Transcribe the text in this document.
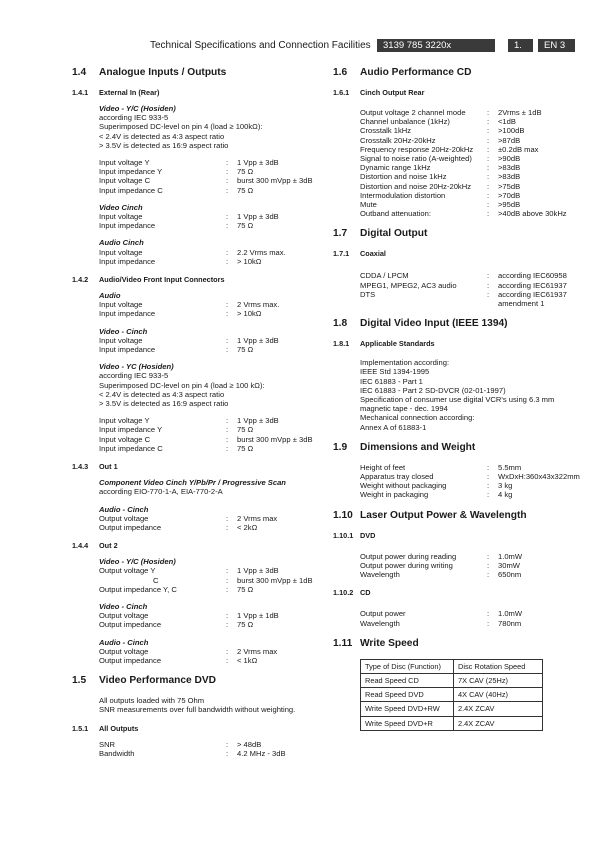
Technical Specifications and Connection Facilities	3139 785 3220x	1.	EN 3
1.4	Analogue Inputs / Outputs
1.4.1	External In (Rear)
Video - Y/C (Hosiden)
according IEC 933-5
Superimposed DC-level on pin 4 (load ≥ 100kΩ):
< 2.4V is detected as 4:3 aspect ratio
> 3.5V is detected as 16:9 aspect ratio
Input voltage Y	:	1 Vpp ± 3dB
Input impedance Y	:	75 Ω
Input voltage C	:	burst 300 mVpp ± 3dB
Input impedance C	:	75 Ω
Video Cinch
Input voltage	:	1 Vpp ± 3dB
Input impedance	:	75 Ω
Audio Cinch
Input voltage	:	2.2 Vrms max.
Input impedance	:	> 10kΩ
1.4.2	Audio/Video Front Input Connectors
Audio
Input voltage	:	2 Vrms max.
Input impedance	:	> 10kΩ
Video - Cinch
Input voltage	:	1 Vpp ± 3dB
Input impedance	:	75 Ω
Video - YC (Hosiden)
according IEC 933-5
Superimposed DC-level on pin 4 (load ≥ 100 kΩ):
< 2.4V is detected as 4:3 aspect ratio
> 3.5V is detected as 16:9 aspect ratio
Input voltage Y	:	1 Vpp ± 3dB
Input impedance Y	:	75 Ω
Input voltage C	:	burst 300 mVpp ± 3dB
Input impedance C	:	75 Ω
1.4.3	Out 1
Component Video Cinch Y/Pb/Pr / Progressive Scan
according EIO-770-1-A, EIA-770-2-A
Audio - Cinch
Output voltage	:	2 Vrms max
Output impedance	:	< 2kΩ
1.4.4	Out 2
Video - Y/C (Hosiden)
Output voltage Y	:	1 Vpp ± 3dB
C	:	burst 300 mVpp ± 1dB
Output impedance Y, C	:	75 Ω
Video - Cinch
Output voltage	:	1 Vpp ± 1dB
Output impedance	:	75 Ω
Audio - Cinch
Output voltage	:	2 Vrms max
Output impedance	:	< 1kΩ
1.5	Video Performance DVD
All outputs loaded with 75 Ohm
SNR measurements over full bandwidth without weighting.
1.5.1	All Outputs
SNR	:	> 48dB
Bandwidth	:	4.2 MHz - 3dB
1.6	Audio Performance CD
1.6.1	Cinch Output Rear
Output voltage 2 channel mode	:	2Vrms ± 1dB
Channel unbalance (1kHz)	:	<1dB
Crosstalk 1kHz	:	>100dB
Crosstalk 20Hz-20kHz	:	>87dB
Frequency response 20Hz-20kHz	:	±0.2dB max
Signal to noise ratio (A-weighted)	:	>90dB
Dynamic range 1kHz	:	>83dB
Distortion and noise 1kHz	:	>83dB
Distortion and noise 20Hz-20kHz	:	>75dB
Intermodulation distortion	:	>70dB
Mute	:	>95dB
Outband attenuation:	:	>40dB above 30kHz
1.7	Digital Output
1.7.1	Coaxial
CDDA / LPCM	:	according IEC60958
MPEG1, MPEG2, AC3 audio	:	according IEC61937
DTS	:	according IEC61937
amendment 1
1.8	Digital Video Input (IEEE 1394)
1.8.1	Applicable Standards
Implementation according:
IEEE Std 1394-1995
IEC 61883 - Part 1
IEC 61883 - Part 2 SD-DVCR (02-01-1997)
Specification of consumer use digital VCR's using 6.3 mm
magnetic tape - dec. 1994
Mechanical connection according:
Annex A of 61883-1
1.9	Dimensions and Weight
Height of feet	:	5.5mm
Apparatus tray closed	:	WxDxH:360x43x322mm
Weight without packaging	:	3 kg
Weight in packaging	:	4 kg
1.10 Laser Output Power & Wavelength
1.10.1 DVD
Output power during reading	:	1.0mW
Output power during writing	:	30mW
Wavelength	:	650nm
1.10.2 CD
Output power	:	1.0mW
Wavelength	:	780nm
1.11 Write Speed
Type of Disc (Function)	Disc Rotation Speed
Read Speed CD	7X CAV (25Hz)
Read Speed DVD	4X CAV (40Hz)
Write Speed DVD+RW	2.4X ZCAV
Write Speed DVD+R	2.4X ZCAV
